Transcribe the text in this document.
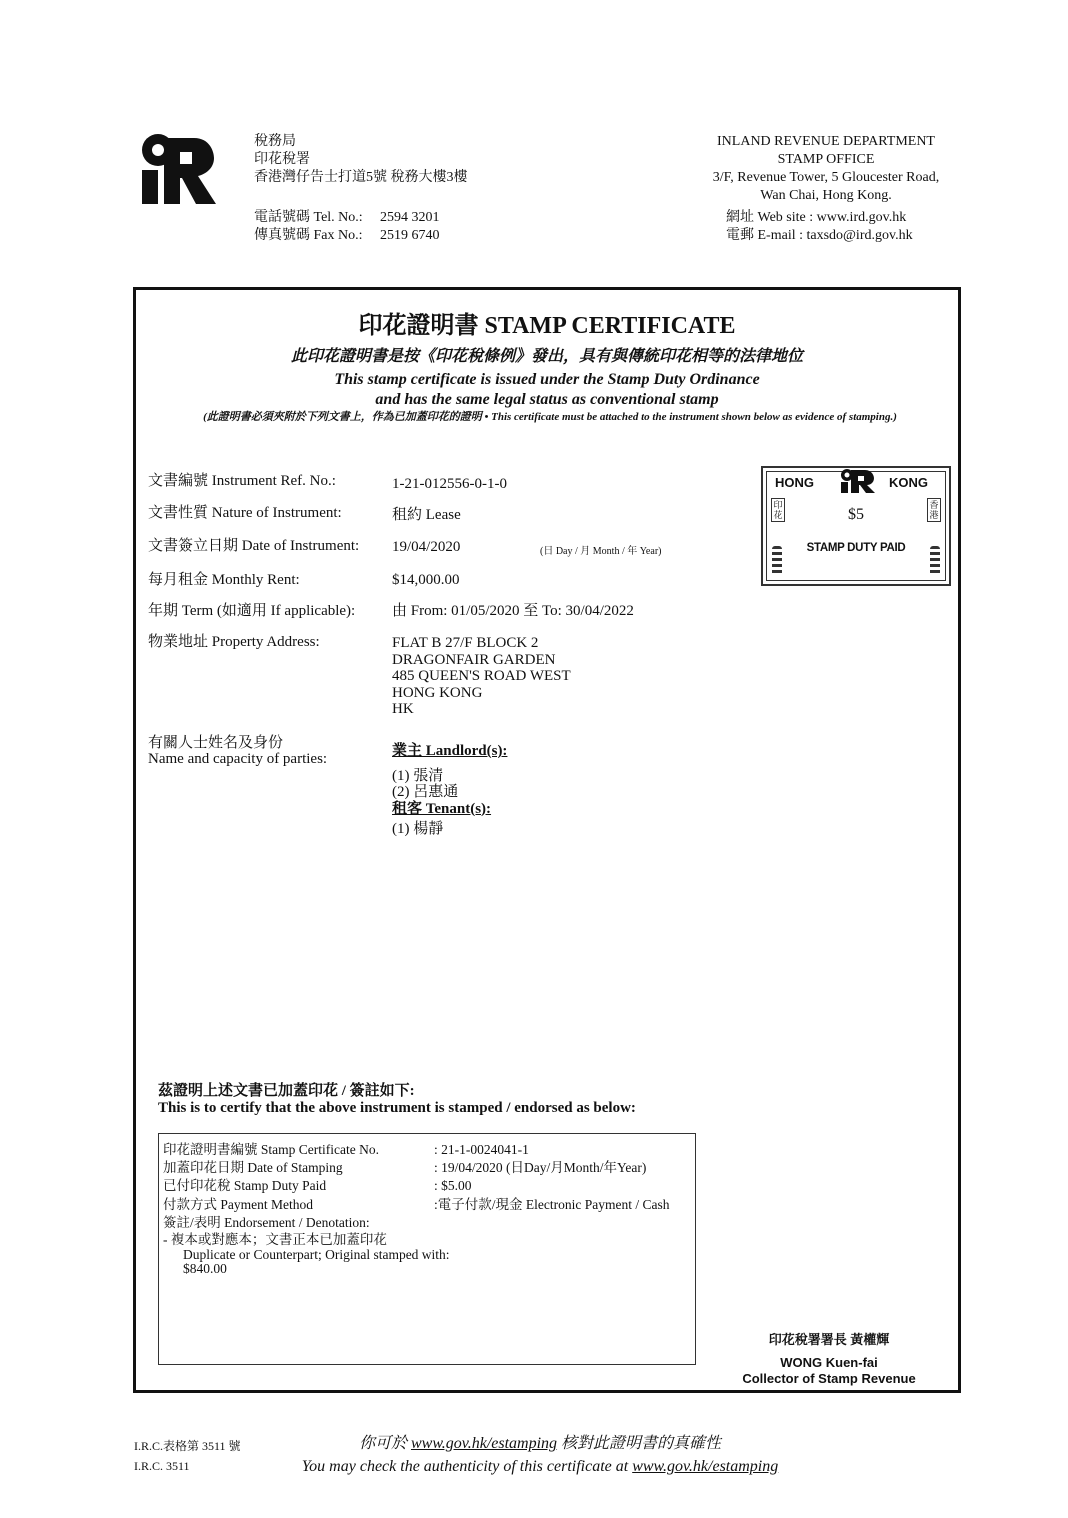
稅務局
印花稅署
香港灣仔告士打道5號 稅務大樓3樓
INLAND REVENUE DEPARTMENT
STAMP OFFICE
3/F, Revenue Tower, 5 Gloucester Road,
Wan Chai, Hong Kong.
電話號碼 Tel. No.:	2594 3201
傳真號碼 Fax No.:	2519 6740
網址 Web site : www.ird.gov.hk
電郵 E-mail : taxsdo@ird.gov.hk
印花證明書 STAMP CERTIFICATE
此印花證明書是按《印花稅條例》發出，具有與傳統印花相等的法律地位
This stamp certificate is issued under the Stamp Duty Ordinance
and has the same legal status as conventional stamp
(此證明書必須夾附於下列文書上，作為已加蓋印花的證明 • This certificate must be attached to the instrument shown below as evidence of stamping.)
文書編號 Instrument Ref. No.:	1-21-012556-0-1-0
文書性質 Nature of Instrument:	租約 Lease
文書簽立日期 Date of Instrument: 19/04/2020	(日 Day / 月 Month / 年 Year)
每月租金 Monthly Rent:	$14,000.00
年期 Term (如適用 If applicable): 由 From: 01/05/2020 至 To: 30/04/2022
物業地址 Property Address:	FLAT B 27/F BLOCK 2
DRAGONFAIR GARDEN
485 QUEEN'S ROAD WEST
HONG KONG
HK
有關人士姓名及身份
Name and capacity of parties:	業主 Landlord(s):
(1) 張清
(2) 呂惠通
租客 Tenant(s):
(1) 楊靜
HONG	KONG
$5
印花
香港
STAMP DUTY PAID
茲證明上述文書已加蓋印花 / 簽註如下:
This is to certify that the above instrument is stamped / endorsed as below:
印花證明書編號 Stamp Certificate No.	: 21-1-0024041-1
加蓋印花日期 Date of Stamping	: 19/04/2020 (日Day/月Month/年Year)
已付印花稅 Stamp Duty Paid	: $5.00
付款方式 Payment Method	:電子付款/現金 Electronic Payment / Cash
簽註/表明 Endorsement / Denotation:
- 複本或對應本；文書正本已加蓋印花
Duplicate or Counterpart; Original stamped with:
$840.00
印花稅署署長 黃權輝
WONG Kuen-fai
Collector of Stamp Revenue
I.R.C.表格第 3511 號
I.R.C. 3511
你可於 www.gov.hk/estamping 核對此證明書的真確性
You may check the authenticity of this certificate at www.gov.hk/estamping
